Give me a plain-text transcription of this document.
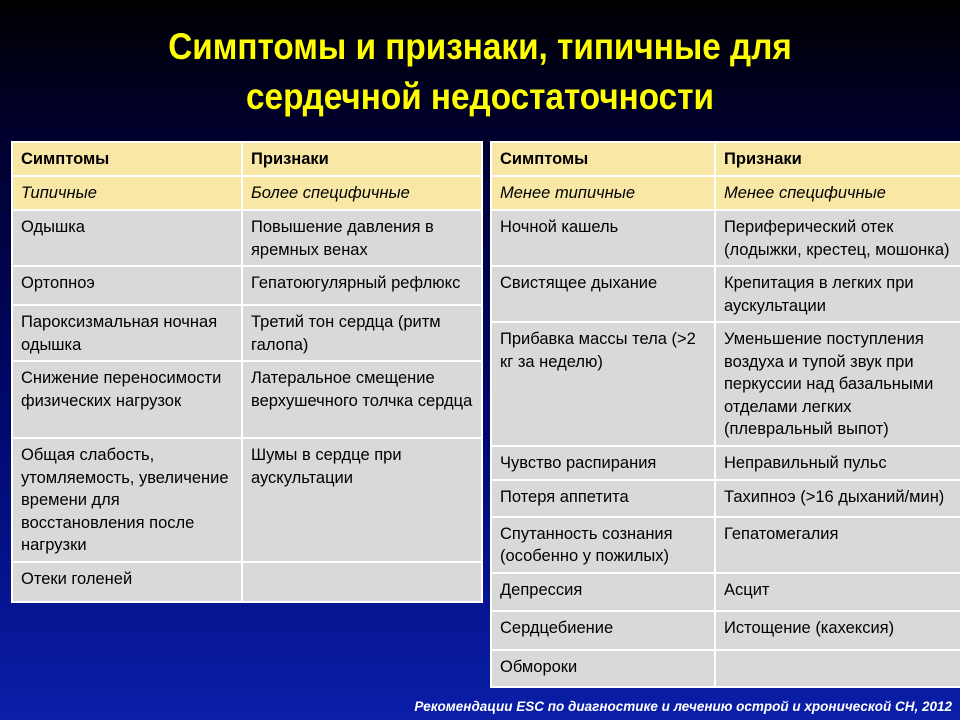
Симптомы и признаки, типичные для
сердечной недостаточности
Симптомы	Признаки
Типичные	Более специфичные
Одышка	Повышение давления в яремных венах
Ортопноэ	Гепатоюгулярный рефлюкс
Пароксизмальная ночная одышка	Третий тон сердца (ритм галопа)
Снижение переносимости физических нагрузок	Латеральное смещение верхушечного толчка сердца
Общая слабость, утомляемость, увеличение времени для восстановления после нагрузки	Шумы в сердце при аускультации
Отеки голеней	
Симптомы	Признаки
Менее типичные	Менее специфичные
Ночной кашель	Периферический отек (лодыжки, крестец, мошонка)
Свистящее дыхание	Крепитация в легких при аускультации
Прибавка массы тела (>2 кг за неделю)	Уменьшение поступления воздуха и тупой звук при перкуссии над базальными отделами легких (плевральный выпот)
Чувство распирания	Неправильный пульс
Потеря аппетита	Тахипноэ (>16 дыханий/мин)
Спутанность сознания (особенно у пожилых)	Гепатомегалия
Депрессия	Асцит
Сердцебиение	Истощение (кахексия)
Обмороки	
Рекомендации ESC по диагностике и лечению острой и хронической СН, 2012
